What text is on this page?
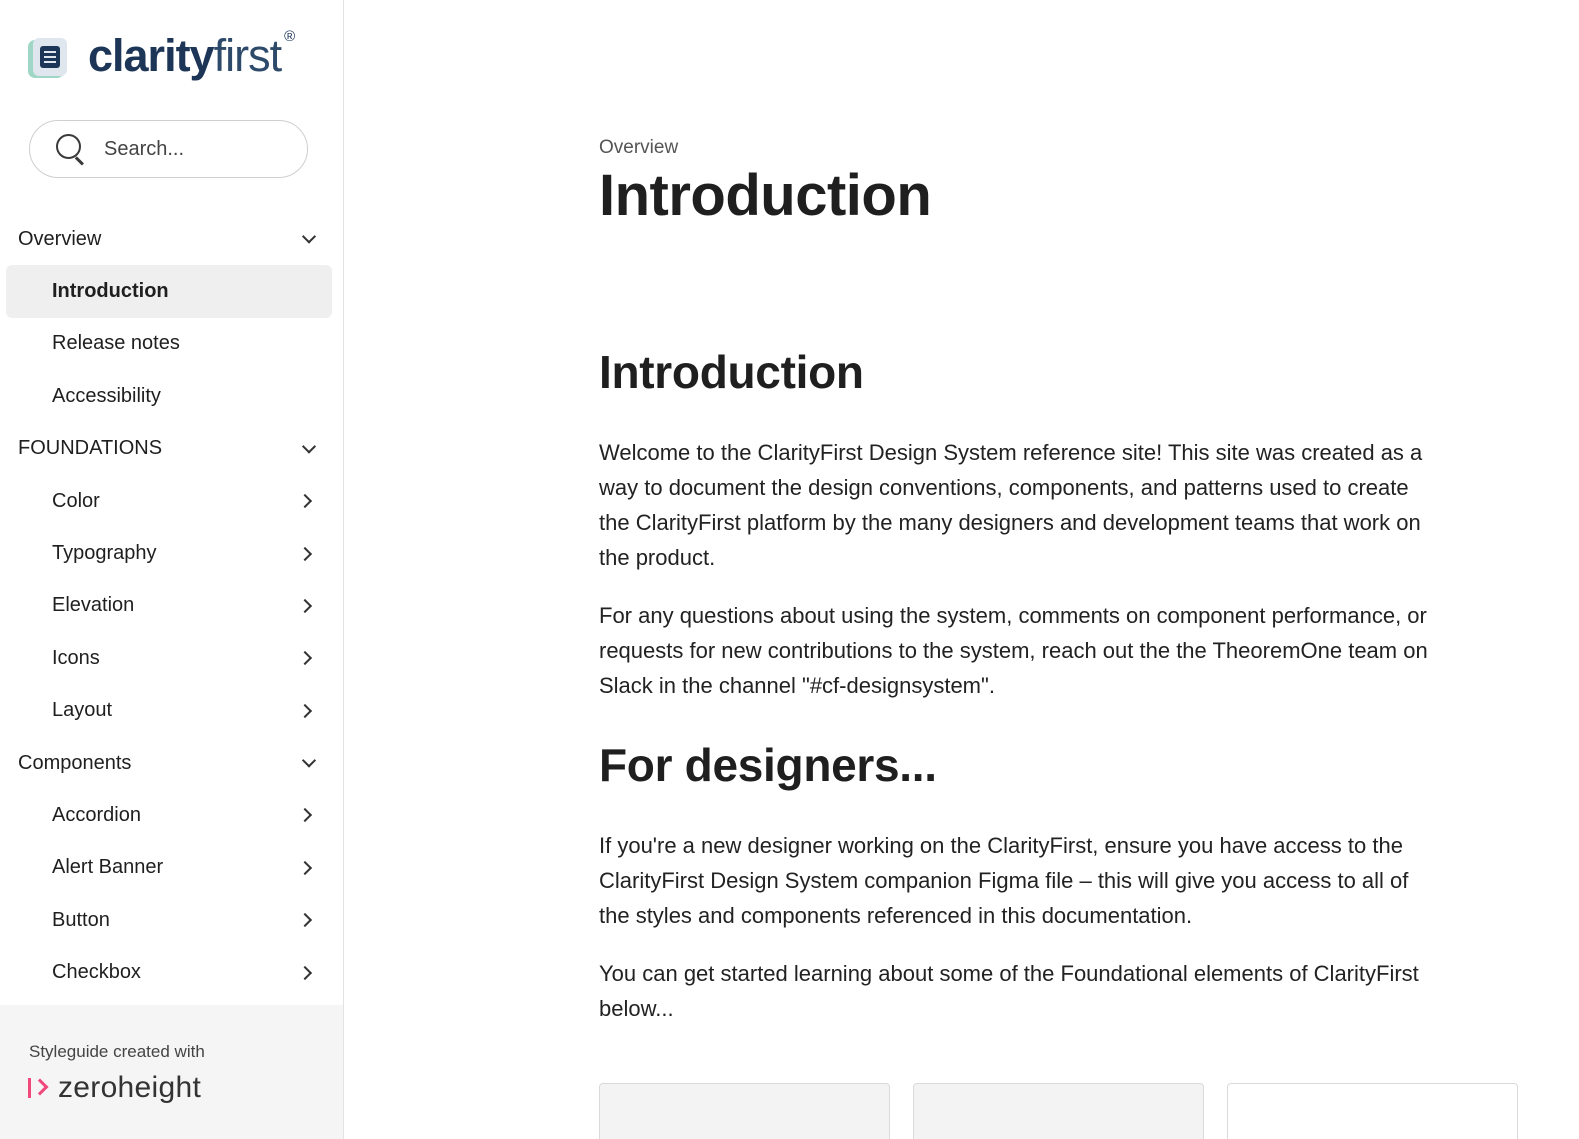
clarityfirst ®
Search...
Overview
Introduction
Release notes
Accessibility
FOUNDATIONS
Color
Typography
Elevation
Icons
Layout
Components
Accordion
Alert Banner
Button
Checkbox
Styleguide created with
zeroheight
Overview
Introduction
Introduction

Welcome to the ClarityFirst Design System reference site! This site was created as a way to document the design conventions, components, and patterns used to create the ClarityFirst platform by the many designers and development teams that work on the product.

For any questions about using the system, comments on component performance, or requests for new contributions to the system, reach out the the TheoremOne team on Slack in the channel "#cf-designsystem".

For designers...

If you're a new designer working on the ClarityFirst, ensure you have access to the ClarityFirst Design System companion Figma file – this will give you access to all of the styles and components referenced in this documentation.

You can get started learning about some of the Foundational elements of ClarityFirst below...
